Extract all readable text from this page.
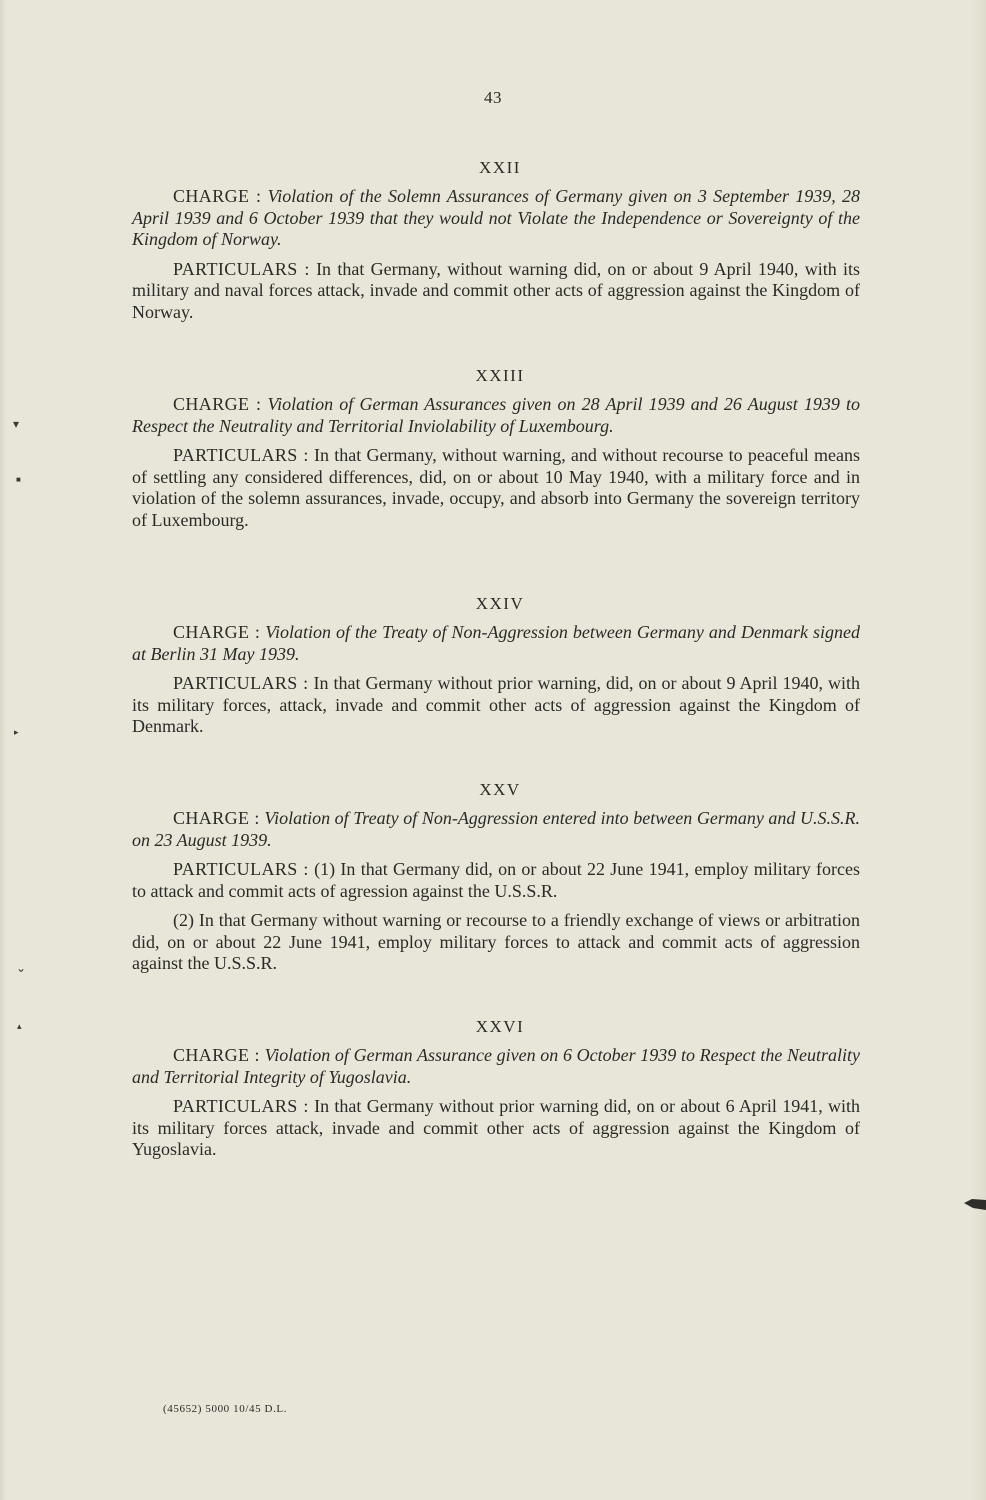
43
XXII

CHARGE : Violation of the Solemn Assurances of Germany given on 3 September 1939, 28 April 1939 and 6 October 1939 that they would not Violate the Independence or Sovereignty of the Kingdom of Norway.

PARTICULARS : In that Germany, without warning did, on or about 9 April 1940, with its military and naval forces attack, invade and commit other acts of aggression against the Kingdom of Norway.

XXIII

CHARGE : Violation of German Assurances given on 28 April 1939 and 26 August 1939 to Respect the Neutrality and Territorial Inviolability of Luxembourg.

PARTICULARS : In that Germany, without warning, and without recourse to peaceful means of settling any considered differences, did, on or about 10 May 1940, with a military force and in violation of the solemn assurances, invade, occupy, and absorb into Germany the sovereign territory of Luxembourg.

XXIV

CHARGE : Violation of the Treaty of Non-Aggression between Germany and Denmark signed at Berlin 31 May 1939.

PARTICULARS : In that Germany without prior warning, did, on or about 9 April 1940, with its military forces, attack, invade and commit other acts of aggression against the Kingdom of Denmark.

XXV

CHARGE : Violation of Treaty of Non-Aggression entered into between Germany and U.S.S.R. on 23 August 1939.

PARTICULARS : (1) In that Germany did, on or about 22 June 1941, employ military forces to attack and commit acts of agression against the U.S.S.R.

(2) In that Germany without warning or recourse to a friendly exchange of views or arbitration did, on or about 22 June 1941, employ military forces to attack and commit acts of aggression against the U.S.S.R.

XXVI

CHARGE : Violation of German Assurance given on 6 October 1939 to Respect the Neutrality and Territorial Integrity of Yugoslavia.

PARTICULARS : In that Germany without prior warning did, on or about 6 April 1941, with its military forces attack, invade and commit other acts of aggression against the Kingdom of Yugoslavia.

(45652) 5000 10/45 D.L.
▾
■
▸
⌄
▴
